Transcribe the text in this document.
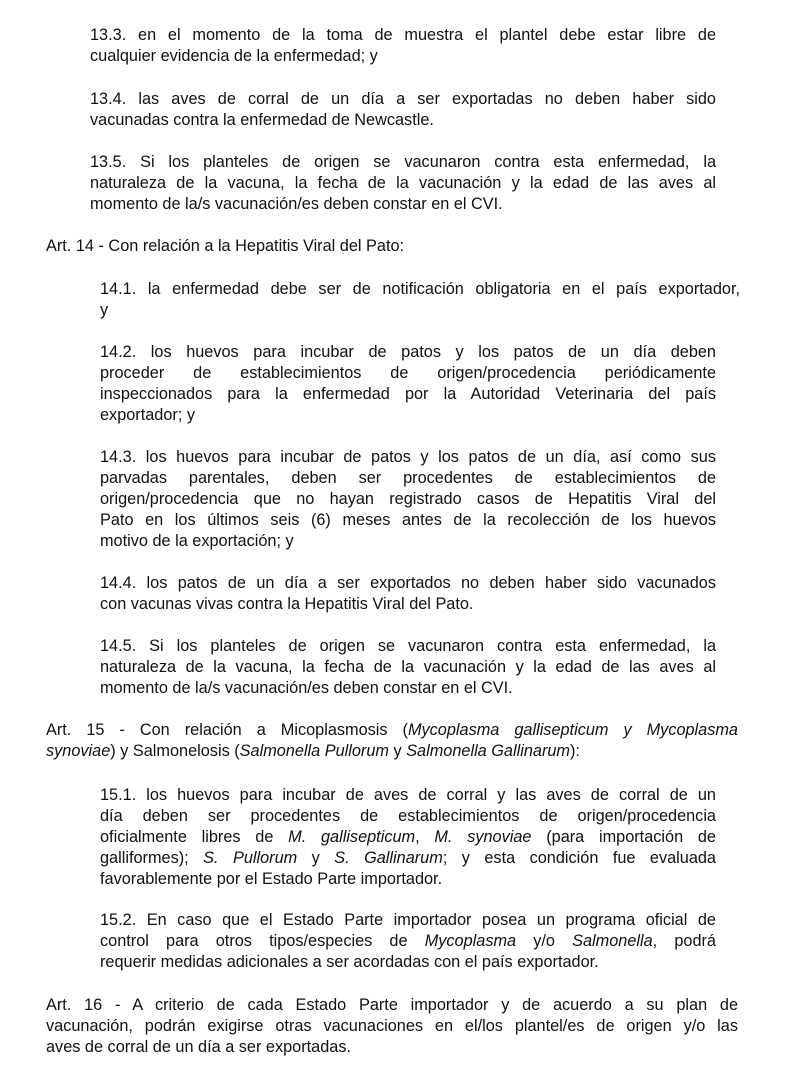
13.3. en el momento de la toma de muestra el plantel debe estar libre de
cualquier evidencia de la enfermedad; y
13.4. las aves de corral de un día a ser exportadas no deben haber sido
vacunadas contra la enfermedad de Newcastle.
13.5. Si los planteles de origen se vacunaron contra esta enfermedad, la
naturaleza de la vacuna, la fecha de la vacunación y la edad de las aves al
momento de la/s vacunación/es deben constar en el CVI.
Art. 14 - Con relación a la Hepatitis Viral del Pato:
14.1. la enfermedad debe ser de notificación obligatoria en el país exportador,
y
14.2. los huevos para incubar de patos y los patos de un día deben
proceder de establecimientos de origen/procedencia periódicamente
inspeccionados para la enfermedad por la Autoridad Veterinaria del país
exportador; y
14.3. los huevos para incubar de patos y los patos de un día, así como sus
parvadas parentales, deben ser procedentes de establecimientos de
origen/procedencia que no hayan registrado casos de Hepatitis Viral del
Pato en los últimos seis (6) meses antes de la recolección de los huevos
motivo de la exportación; y
14.4. los patos de un día a ser exportados no deben haber sido vacunados
con vacunas vivas contra la Hepatitis Viral del Pato.
14.5. Si los planteles de origen se vacunaron contra esta enfermedad, la
naturaleza de la vacuna, la fecha de la vacunación y la edad de las aves al
momento de la/s vacunación/es deben constar en el CVI.
Art. 15 - Con relación a Micoplasmosis (Mycoplasma gallisepticum y Mycoplasma
synoviae) y Salmonelosis (Salmonella Pullorum y Salmonella Gallinarum):
15.1. los huevos para incubar de aves de corral y las aves de corral de un
día deben ser procedentes de establecimientos de origen/procedencia
oficialmente libres de M. gallisepticum, M. synoviae (para importación de
galliformes); S. Pullorum y S. Gallinarum; y esta condición fue evaluada
favorablemente por el Estado Parte importador.
15.2. En caso que el Estado Parte importador posea un programa oficial de
control para otros tipos/especies de Mycoplasma y/o Salmonella, podrá
requerir medidas adicionales a ser acordadas con el país exportador.
Art. 16 - A criterio de cada Estado Parte importador y de acuerdo a su plan de
vacunación, podrán exigirse otras vacunaciones en el/los plantel/es de origen y/o las
aves de corral de un día a ser exportadas.
